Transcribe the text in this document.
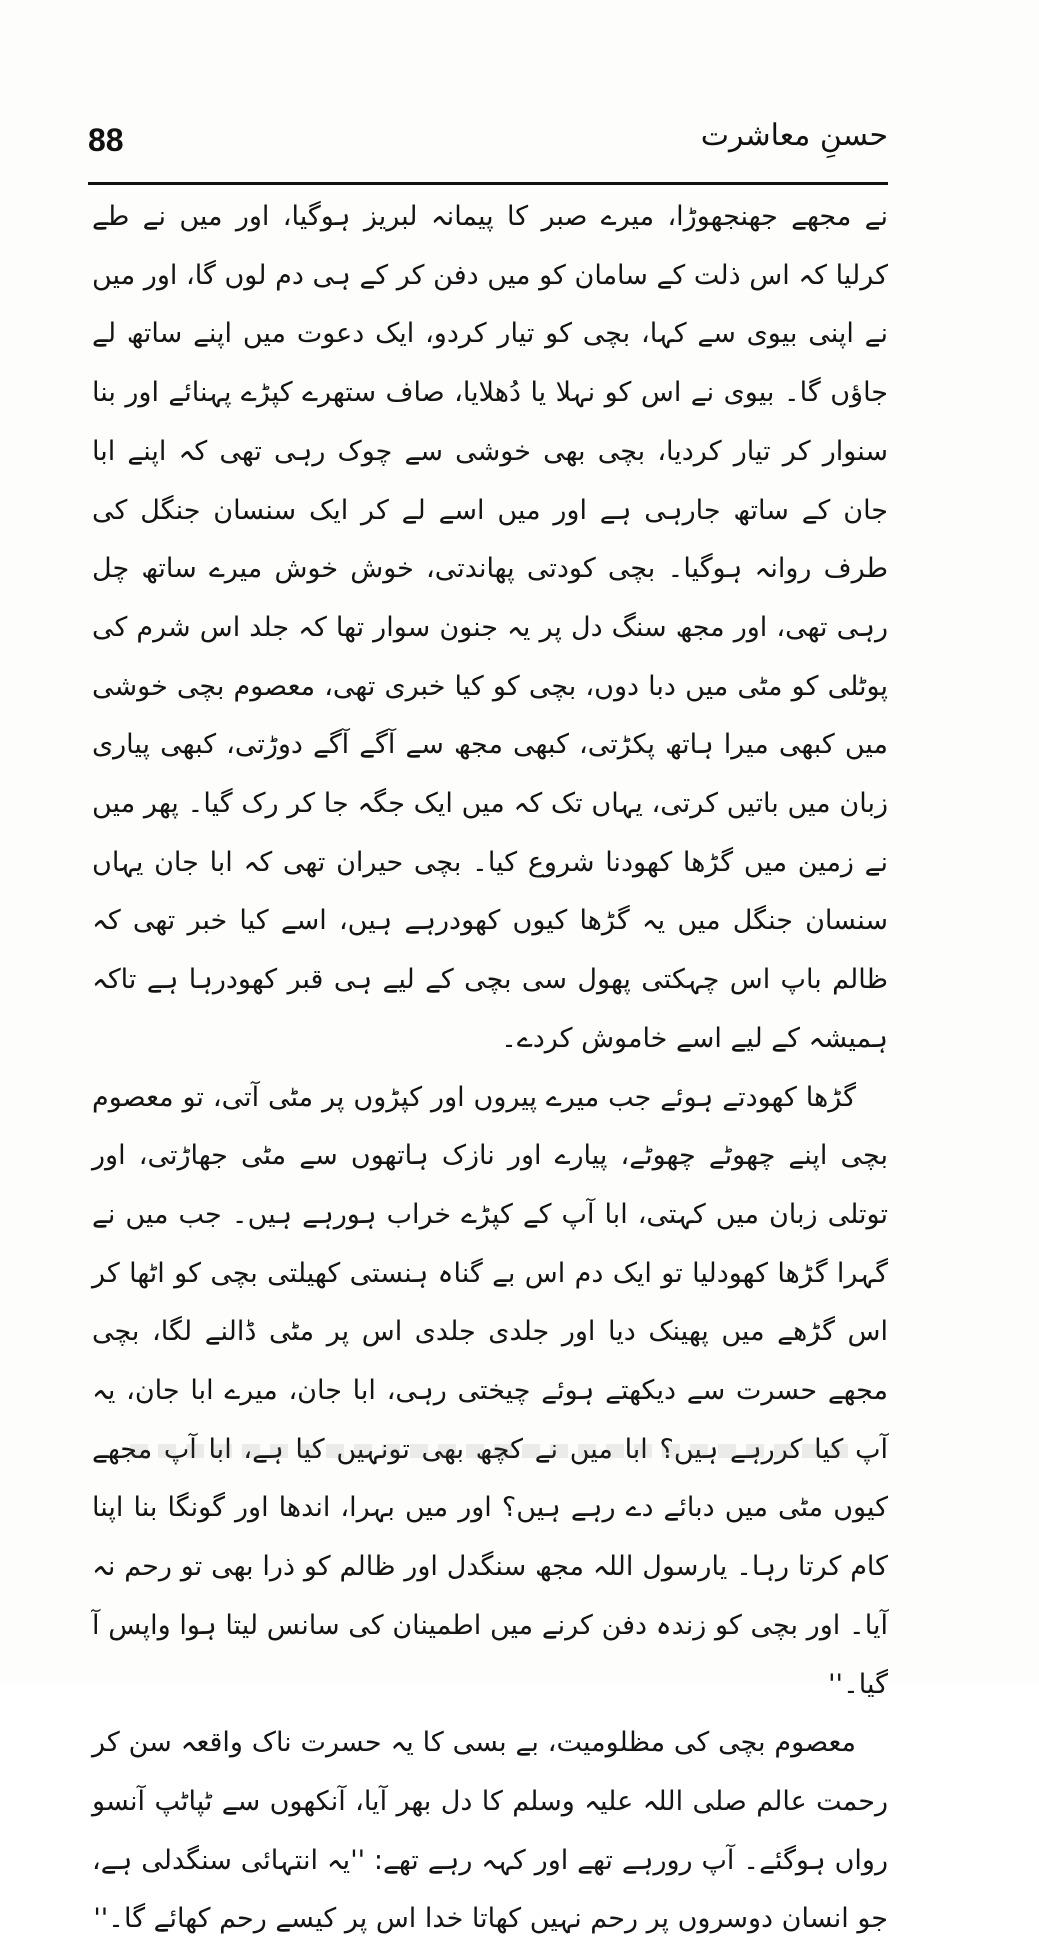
88	حسنِ معاشرت

نے مجھے جھنجھوڑا، میرے صبر کا پیمانہ لبریز ہوگیا، اور میں نے طے کرلیا کہ اس ذلت کے سامان کو میں دفن کر کے ہی دم لوں گا، اور میں نے اپنی بیوی سے کہا، بچی کو تیار کردو، ایک دعوت میں اپنے ساتھ لے جاؤں گا۔ بیوی نے اس کو نہلا یا دُھلایا، صاف ستھرے کپڑے پہنائے اور بنا سنوار کر تیار کردیا، بچی بھی خوشی سے چوک رہی تھی کہ اپنے ابا جان کے ساتھ جارہی ہے اور میں اسے لے کر ایک سنسان جنگل کی طرف روانہ ہوگیا۔ بچی کودتی پھاندتی، خوش خوش میرے ساتھ چل رہی تھی، اور مجھ سنگ دل پر یہ جنون سوار تھا کہ جلد اس شرم کی پوٹلی کو مٹی میں دبا دوں، بچی کو کیا خبری تھی، معصوم بچی خوشی میں کبھی میرا ہاتھ پکڑتی، کبھی مجھ سے آگے آگے دوڑتی، کبھی پیاری زبان میں باتیں کرتی، یہاں تک کہ میں ایک جگہ جا کر رک گیا۔ پھر میں نے زمین میں گڑھا کھودنا شروع کیا۔ بچی حیران تھی کہ ابا جان یہاں سنسان جنگل میں یہ گڑھا کیوں کھودرہے ہیں، اسے کیا خبر تھی کہ ظالم باپ اس چہکتی پھول سی بچی کے لیے ہی قبر کھودرہا ہے تاکہ ہمیشہ کے لیے اسے خاموش کردے۔

گڑھا کھودتے ہوئے جب میرے پیروں اور کپڑوں پر مٹی آتی، تو معصوم بچی اپنے چھوٹے چھوٹے، پیارے اور نازک ہاتھوں سے مٹی جھاڑتی، اور توتلی زبان میں کہتی، ابا آپ کے کپڑے خراب ہورہے ہیں۔ جب میں نے گہرا گڑھا کھودلیا تو ایک دم اس بے گناہ ہنستی کھیلتی بچی کو اٹھا کر اس گڑھے میں پھینک دیا اور جلدی جلدی اس پر مٹی ڈالنے لگا، بچی مجھے حسرت سے دیکھتے ہوئے چیختی رہی، ابا جان، میرے ابا جان، یہ آپ کیا کررہے ہیں؟ ابا میں نے کچھ بھی تونہیں کیا ہے، ابا آپ مجھے کیوں مٹی میں دبائے دے رہے ہیں؟ اور میں بہرا، اندھا اور گونگا بنا اپنا کام کرتا رہا۔ یارسول اللہ مجھ سنگدل اور ظالم کو ذرا بھی تو رحم نہ آیا۔ اور بچی کو زندہ دفن کرنے میں اطمینان کی سانس لیتا ہوا واپس آ گیا۔''

معصوم بچی کی مظلومیت، بے بسی کا یہ حسرت ناک واقعہ سن کر رحمت عالم صلی اللہ علیہ وسلم کا دل بھر آیا، آنکھوں سے ٹپاٹپ آنسو رواں ہوگئے۔ آپ رورہے تھے اور کہہ رہے تھے: ''یہ انتہائی سنگدلی ہے، جو انسان دوسروں پر رحم نہیں کھاتا خدا اس پر کیسے رحم کھائے گا۔''
